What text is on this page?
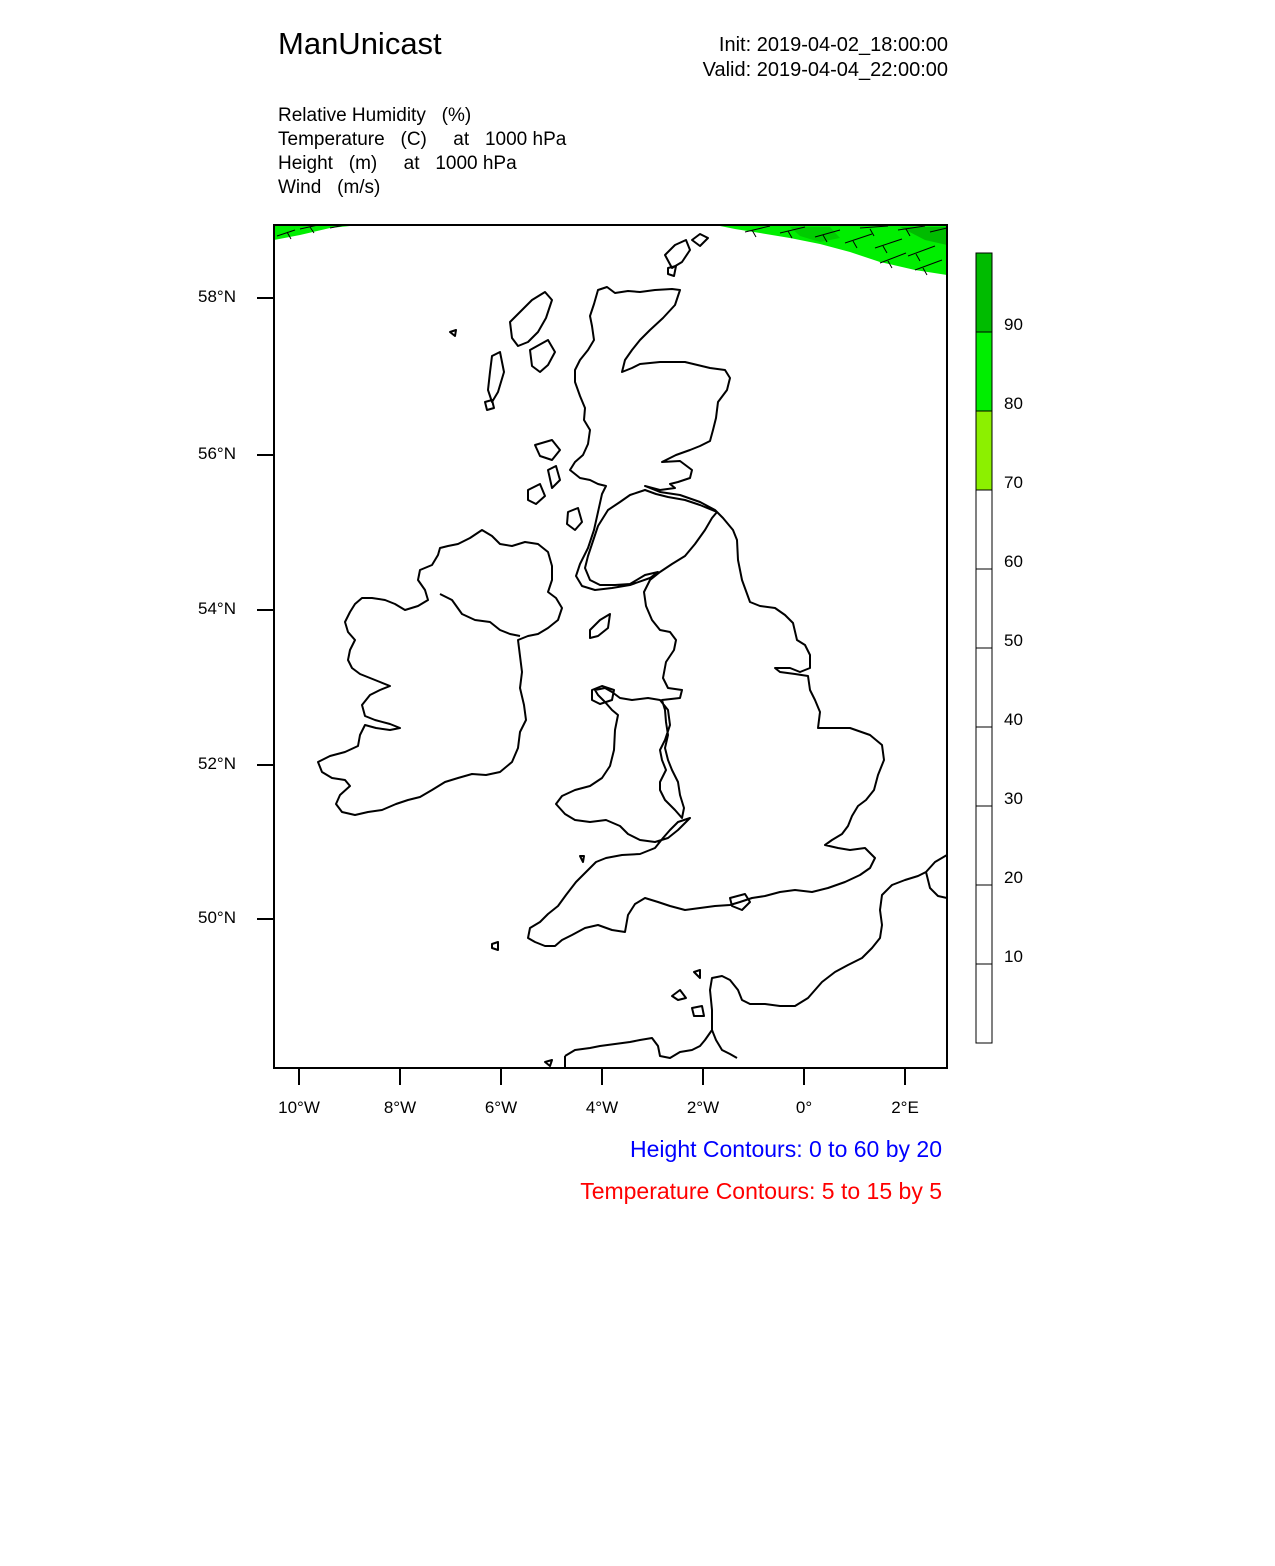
ManUnicast	Init: 2019-04-02_18:00:00
Valid: 2019-04-04_22:00:00
Relative Humidity   (%)
Temperature   (C)     at   1000 hPa
Height   (m)     at   1000 hPa
Wind   (m/s)
58°N
56°N
54°N
52°N
50°N
10°W	8°W	6°W	4°W	2°W	0°	2°E
10
20
30
40
50
60
70
80
90
Height Contours: 0 to 60 by 20
Temperature Contours: 5 to 15 by 5
